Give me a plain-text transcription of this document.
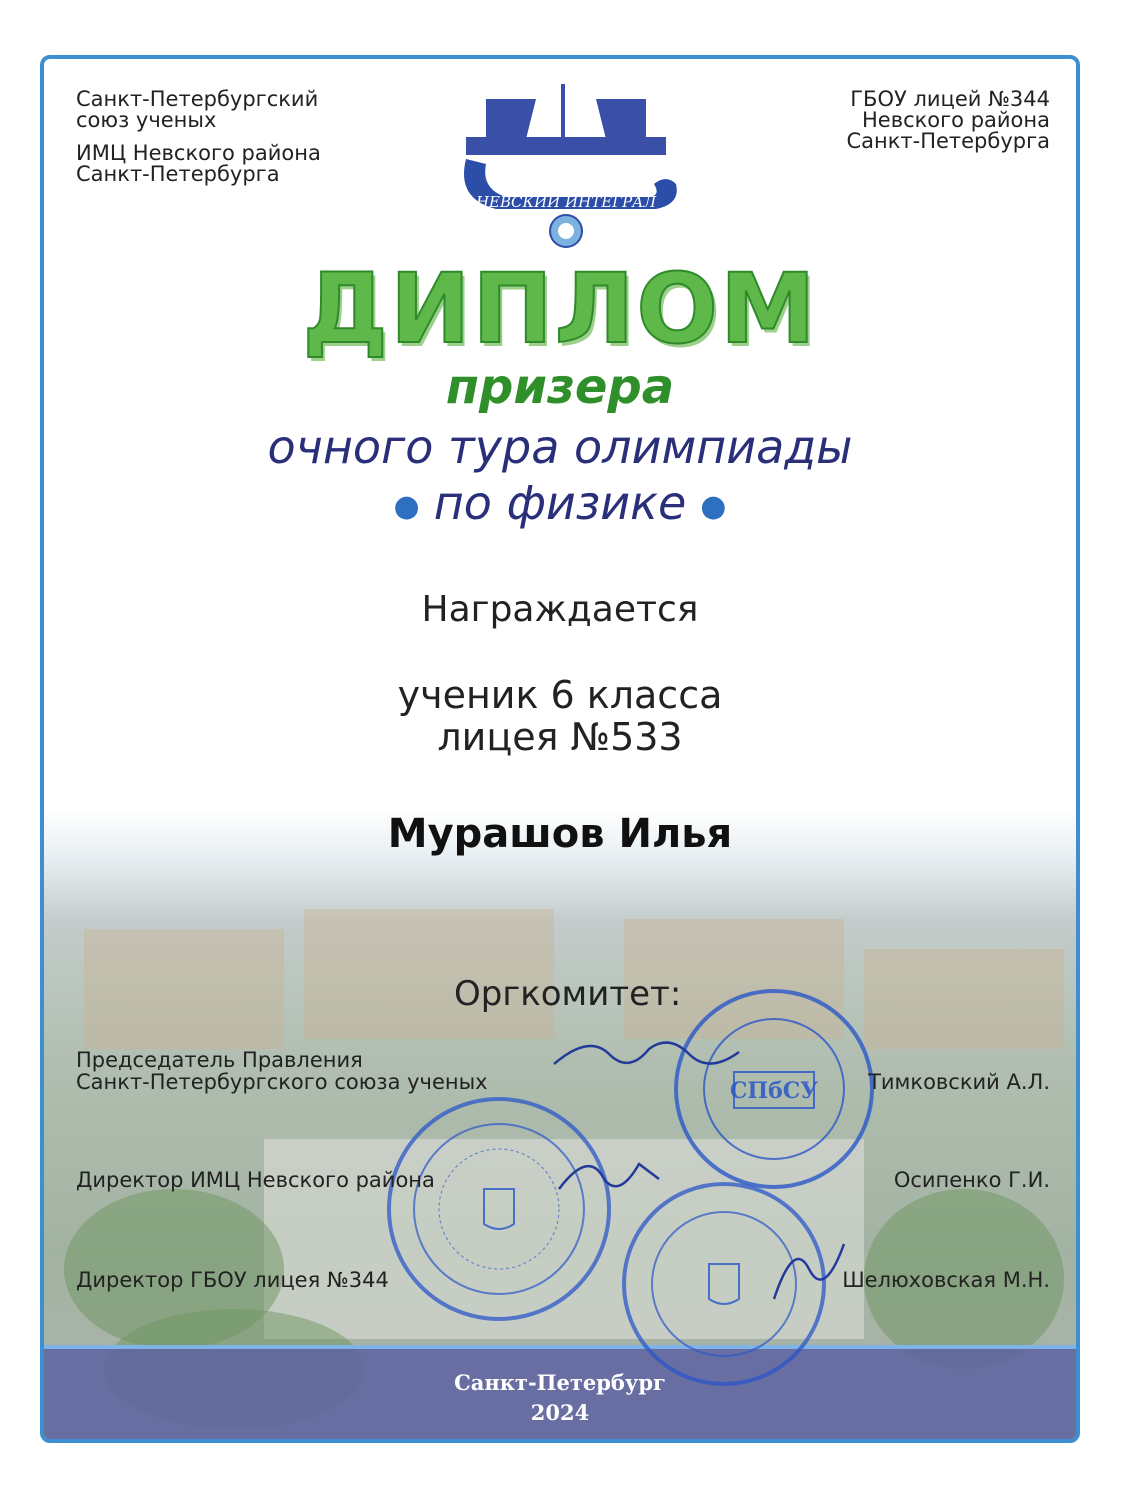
Санкт-Петербург
2024

Санкт-Петербургский
союз ученых

ИМЦ Невского района
Санкт-Петербурга

ГБОУ лицей №344
Невского района
Санкт-Петербурга
НЕВСКИЙ ИНТЕГРАЛ
ДИПЛОМ
призера
очного тура олимпиады
● по физике ●
Награждается
ученик 6 класса
лицея №533
Мурашов Илья
Оргкомитет:
СПбСУ
Председатель Правления
Санкт-Петербургского союза ученых	Тимковский А.Л.
Директор ИМЦ Невского района	Осипенко Г.И.
Директор ГБОУ лицея №344	Шелюховская М.Н.
